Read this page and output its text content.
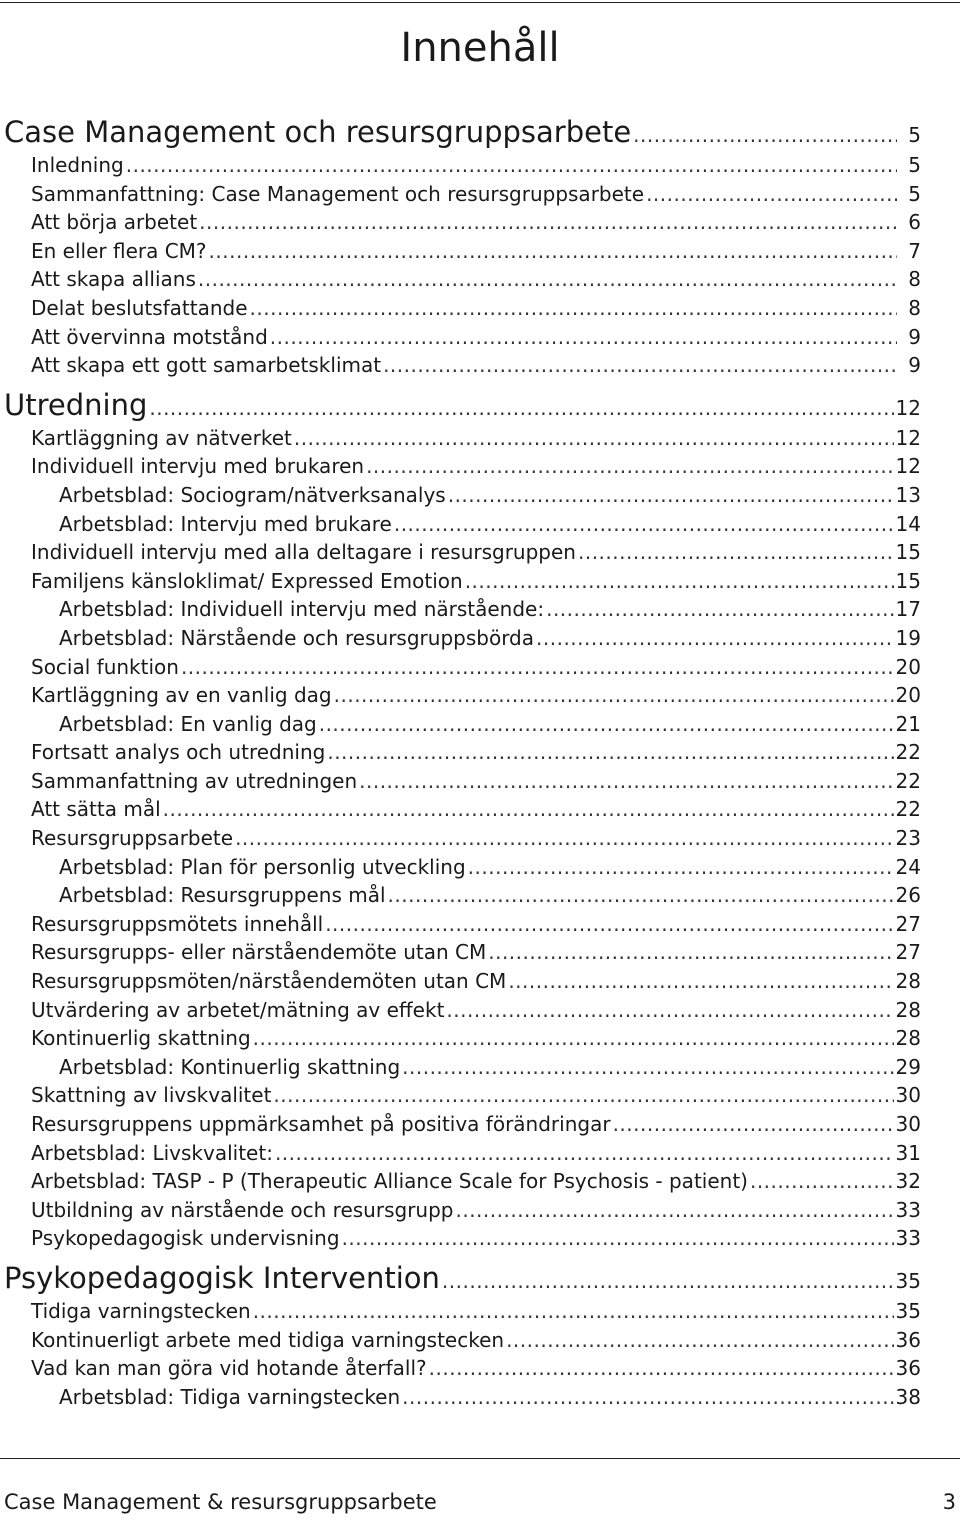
Innehåll
Case Management och resursgruppsarbete .....	5
Inledning .....	5
Sammanfattning: Case Management och resursgruppsarbete .....	5
Att börja arbetet .....	6
En eller flera CM? .....	7
Att skapa allians .....	8
Delat beslutsfattande .....	8
Att övervinna motstånd .....	9
Att skapa ett gott samarbetsklimat .....	9
Utredning .....	12
Kartläggning av nätverket .....	12
Individuell intervju med brukaren .....	12
Arbetsblad: Sociogram/nätverksanalys .....	13
Arbetsblad: Intervju med brukare .....	14
Individuell intervju med alla deltagare i resursgruppen .....	15
Familjens känsloklimat/ Expressed Emotion .....	15
Arbetsblad: Individuell intervju med närstående: .....	17
Arbetsblad: Närstående och resursgruppsbörda .....	19
Social funktion .....	20
Kartläggning av en vanlig dag .....	20
Arbetsblad: En vanlig dag .....	21
Fortsatt analys och utredning .....	22
Sammanfattning av utredningen .....	22
Att sätta mål .....	22
Resursgruppsarbete .....	23
Arbetsblad: Plan för personlig utveckling .....	24
Arbetsblad: Resursgruppens mål .....	26
Resursgruppsmötets innehåll .....	27
Resursgrupps- eller närståendemöte utan CM .....	27
Resursgruppsmöten/närståendemöten utan CM .....	28
Utvärdering av arbetet/mätning av effekt .....	28
Kontinuerlig skattning .....	28
Arbetsblad: Kontinuerlig skattning .....	29
Skattning av livskvalitet .....	30
Resursgruppens uppmärksamhet på positiva förändringar .....	30
Arbetsblad: Livskvalitet: .....	31
Arbetsblad: TASP - P (Therapeutic Alliance Scale for Psychosis - patient) .....	32
Utbildning av närstående och resursgrupp .....	33
Psykopedagogisk undervisning .....	33
Psykopedagogisk Intervention .....	35
Tidiga varningstecken .....	35
Kontinuerligt arbete med tidiga varningstecken .....	36
Vad kan man göra vid hotande återfall? .....	36
Arbetsblad: Tidiga varningstecken .....	38
Case Management & resursgruppsarbete	3
